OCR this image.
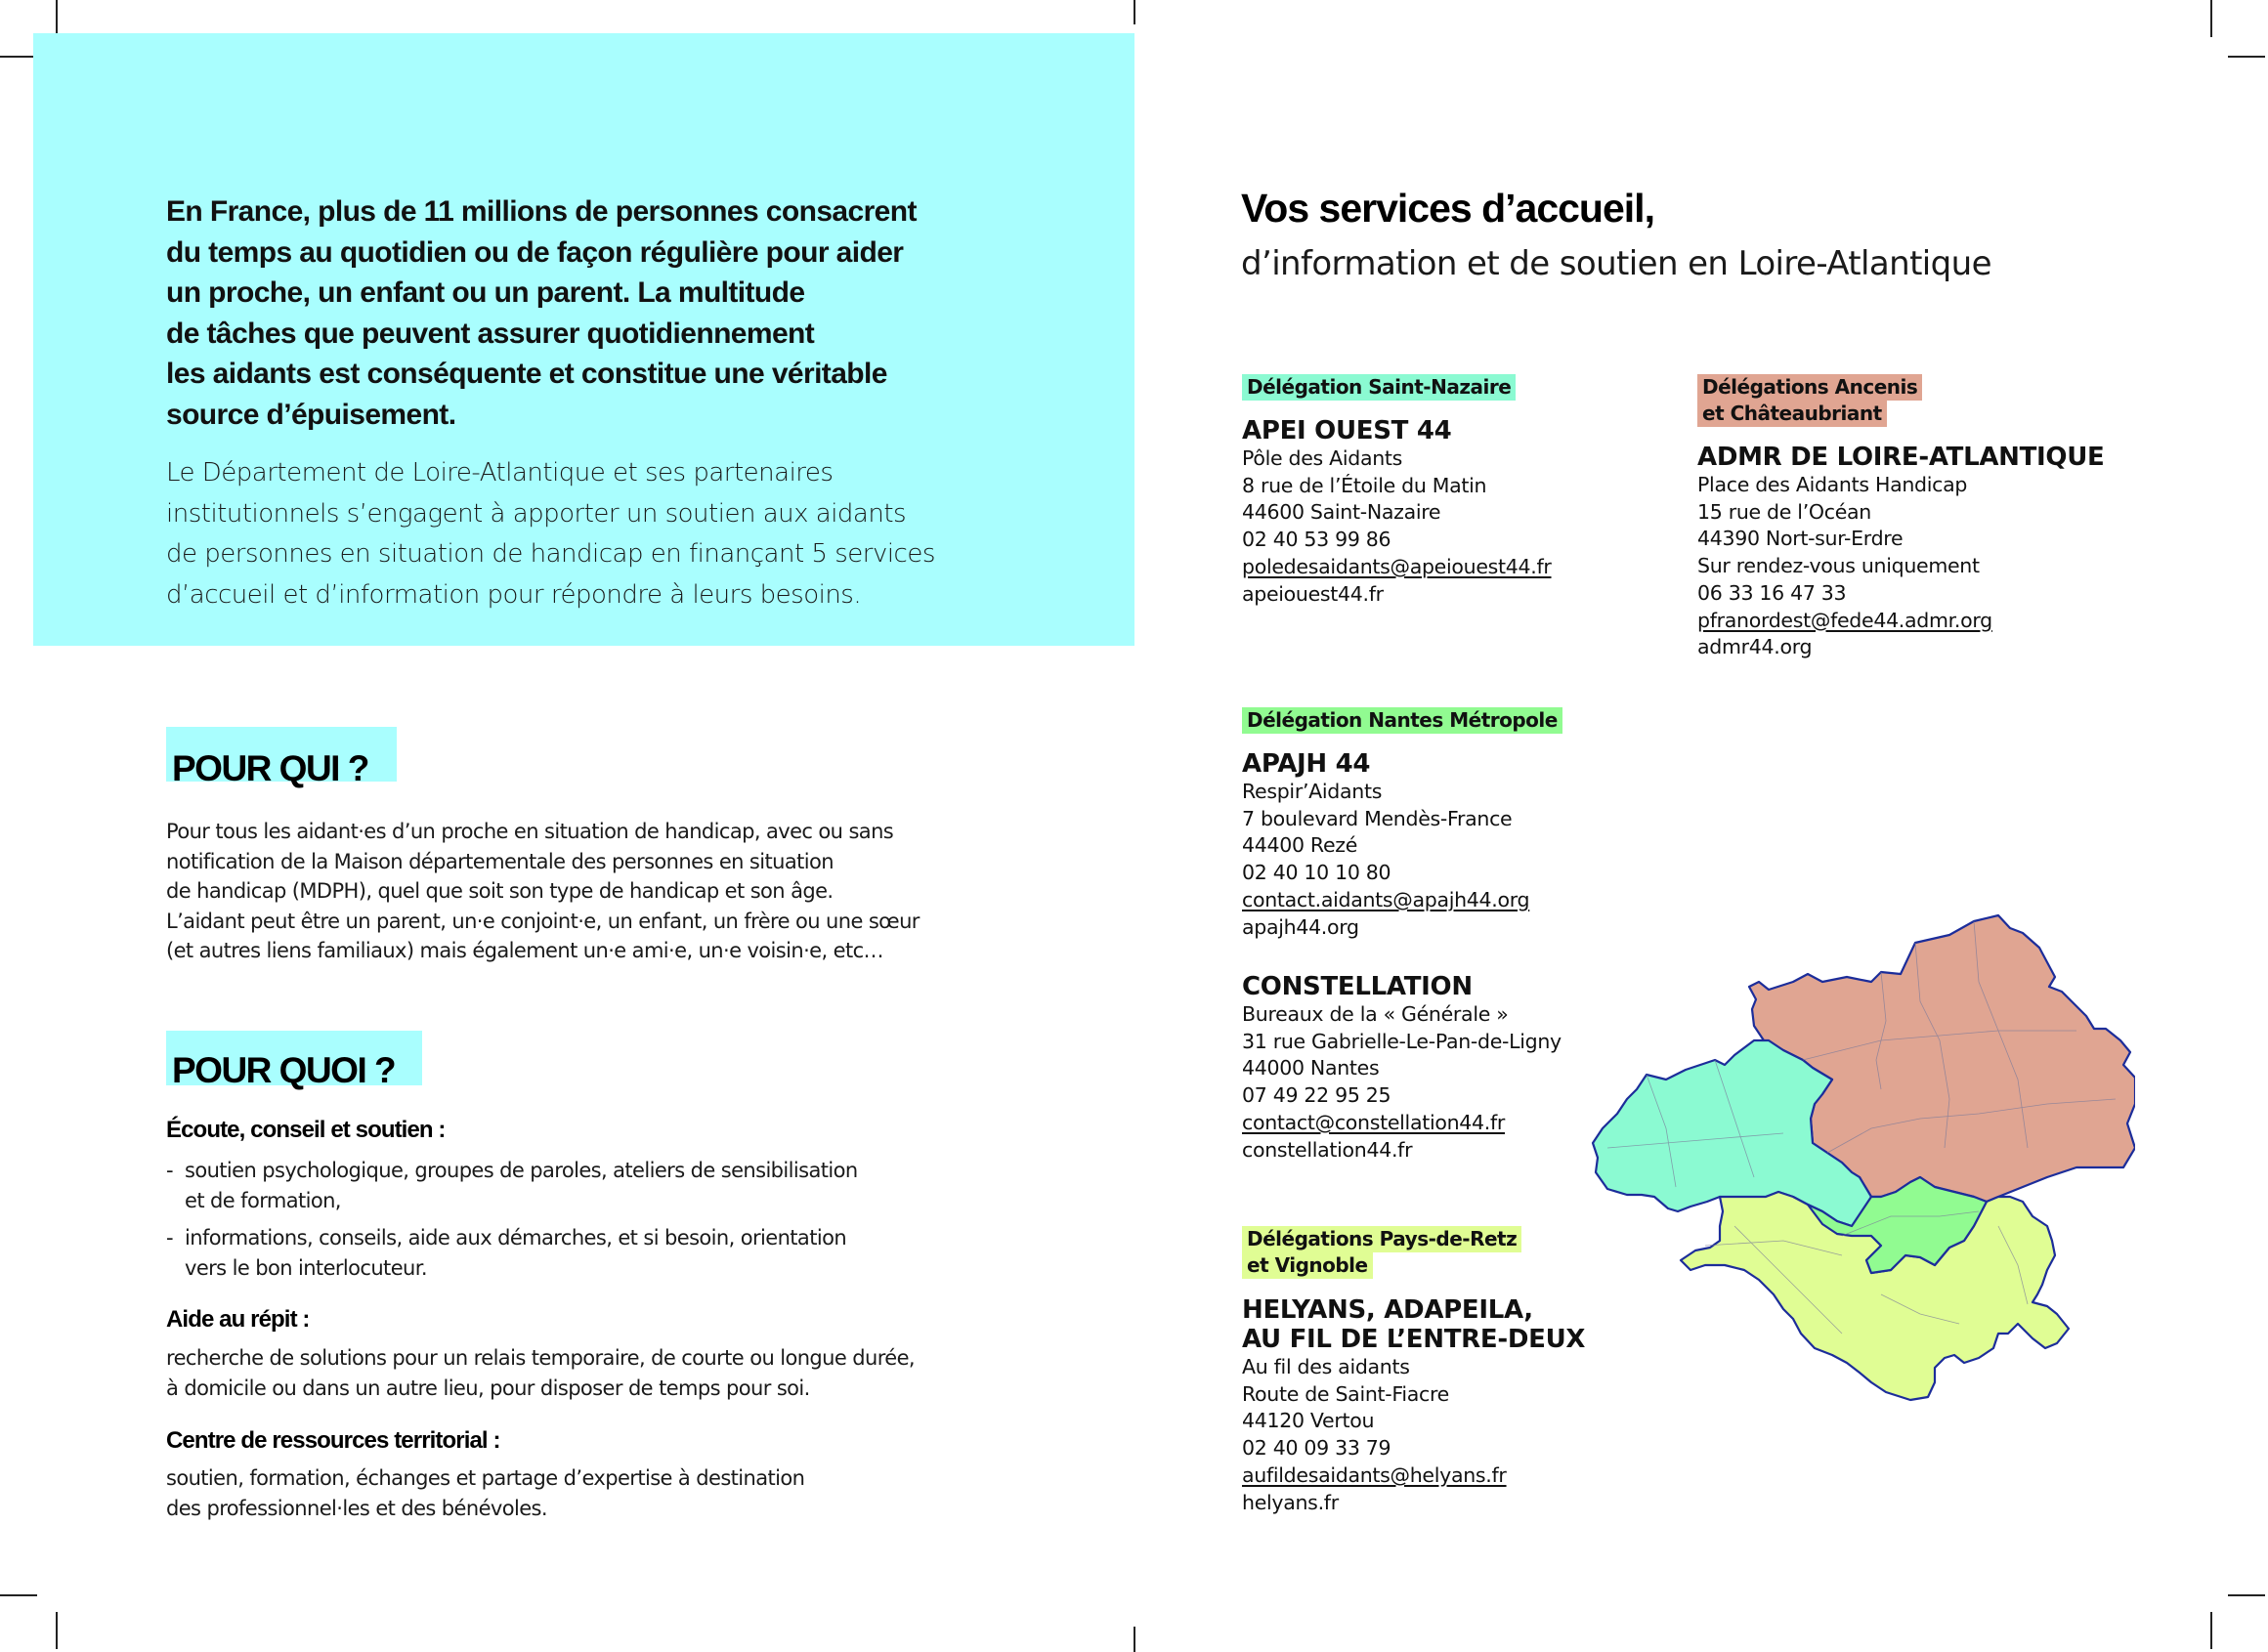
En France, plus de 11 millions de personnes consacrent
du temps au quotidien ou de façon régulière pour aider
un proche, un enfant ou un parent. La multitude
de tâches que peuvent assurer quotidiennement
les aidants est conséquente et constitue une véritable
source d’épuisement.

Le Département de Loire-Atlantique et ses partenaires
institutionnels s’engagent à apporter un soutien aux aidants
de personnes en situation de handicap en finançant 5 services
d’accueil et d’information pour répondre à leurs besoins.

POUR QUI ?

Pour tous les aidant·es d’un proche en situation de handicap, avec ou sans
notification de la Maison départementale des personnes en situation
de handicap (MDPH), quel que soit son type de handicap et son âge.
L’aidant peut être un parent, un·e conjoint·e, un enfant, un frère ou une sœur
(et autres liens familiaux) mais également un·e ami·e, un·e voisin·e, etc…

POUR QUOI ?
Écoute, conseil et soutien :
- soutien psychologique, groupes de paroles, ateliers de sensibilisation
et de formation,
- informations, conseils, aide aux démarches, et si besoin, orientation
vers le bon interlocuteur.
Aide au répit :

recherche de solutions pour un relais temporaire, de courte ou longue durée,
à domicile ou dans un autre lieu, pour disposer de temps pour soi.

Centre de ressources territorial :

soutien, formation, échanges et partage d’expertise à destination
des professionnel·les et des bénévoles.

Vos services d’accueil,
d’information et de soutien en Loire-Atlantique
Délégation Saint-Nazaire
APEI OUEST 44
Pôle des Aidants
8 rue de l’Étoile du Matin
44600 Saint-Nazaire
02 40 53 99 86
poledesaidants@apeiouest44.fr
apeiouest44.fr
Délégations Ancenis
et Châteaubriant
ADMR DE LOIRE-ATLANTIQUE
Place des Aidants Handicap
15 rue de l’Océan
44390 Nort-sur-Erdre
Sur rendez-vous uniquement
06 33 16 47 33
pfranordest@fede44.admr.org
admr44.org
Délégation Nantes Métropole
APAJH 44
Respir’Aidants
7 boulevard Mendès-France
44400 Rezé
02 40 10 10 80
contact.aidants@apajh44.org
apajh44.org
CONSTELLATION
Bureaux de la « Générale »
31 rue Gabrielle-Le-Pan-de-Ligny
44000 Nantes
07 49 22 95 25
contact@constellation44.fr
constellation44.fr
Délégations Pays-de-Retz
et Vignoble
HELYANS, ADAPEILA,
AU FIL DE L’ENTRE-DEUX
Au fil des aidants
Route de Saint-Fiacre
44120 Vertou
02 40 09 33 79
aufildesaidants@helyans.fr
helyans.fr
